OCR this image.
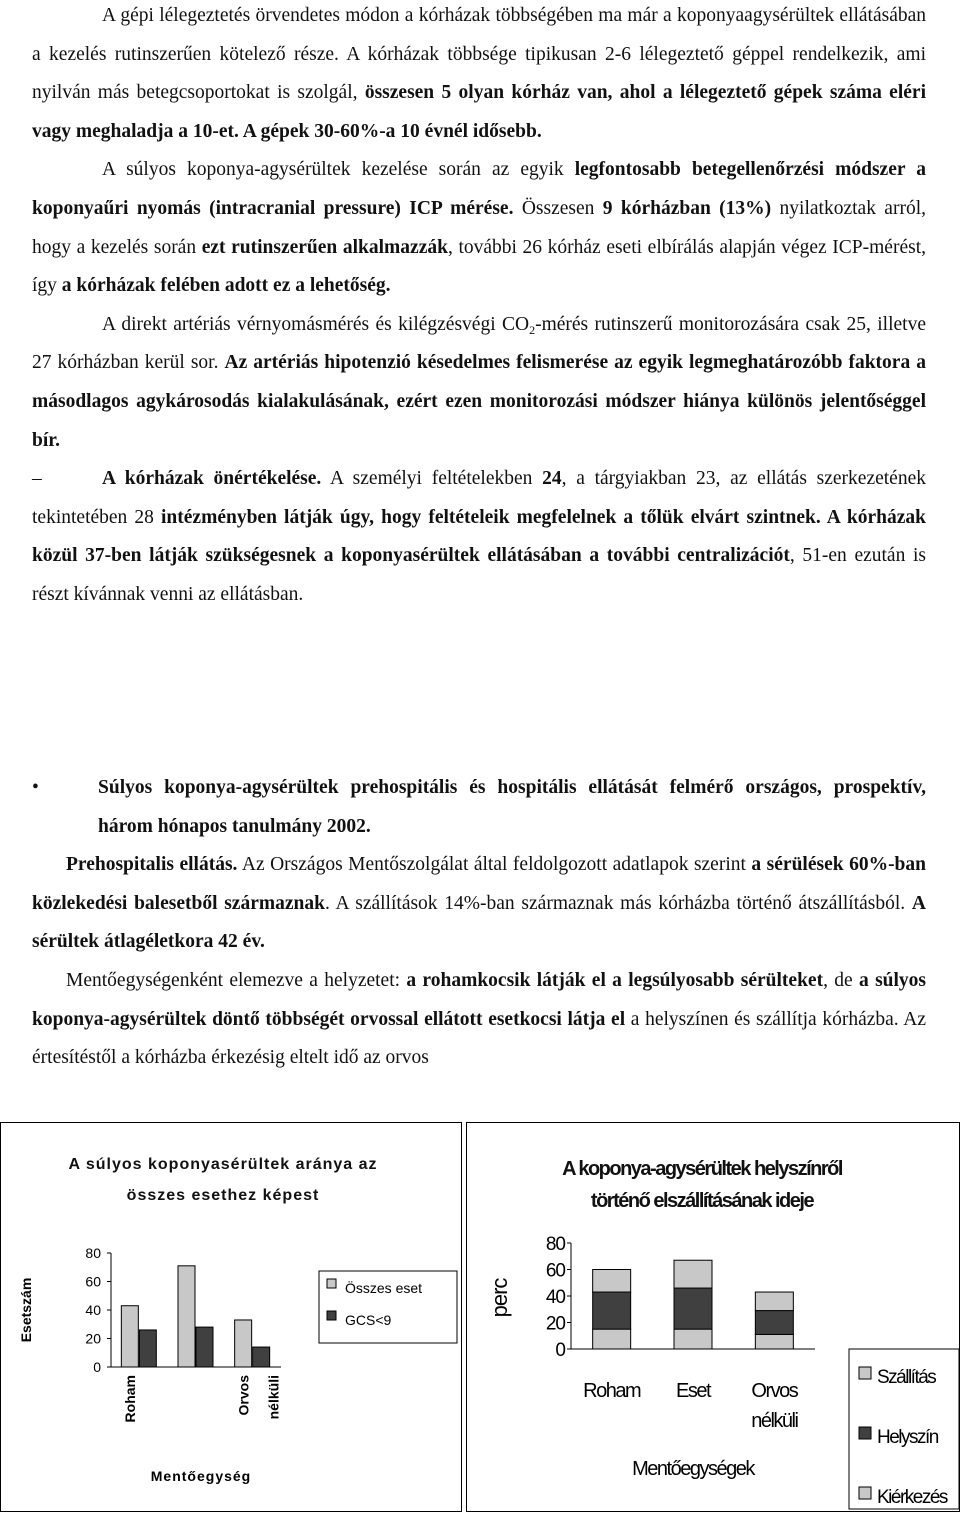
A gépi lélegeztetés örvendetes módon a kórházak többségében ma már a koponyaagysérültek ellátásában a kezelés rutinszerűen kötelező része. A kórházak többsége tipikusan 2-6 lélegeztető géppel rendelkezik, ami nyilván más betegcsoportokat is szolgál, összesen 5 olyan kórház van, ahol a lélegeztető gépek száma eléri vagy meghaladja a 10-et. A gépek 30-60%-a 10 évnél idősebb.

A súlyos koponya-agysérültek kezelése során az egyik legfontosabb betegellenőrzési módszer a koponyaűri nyomás (intracranial pressure) ICP mérése. Összesen 9 kórházban (13%) nyilatkoztak arról, hogy a kezelés során ezt rutinszerűen alkalmazzák, további 26 kórház eseti elbírálás alapján végez ICP-mérést, így a kórházak felében adott ez a lehetőség.

A direkt artériás vérnyomásmérés és kilégzésvégi $CO_2$-mérés rutinszerű monitorozására csak 25, illetve 27 kórházban kerül sor. Az artériás hipotenzió késedelmes felismerése az egyik legmeghatározóbb faktora a másodlagos agykárosodás kialakulásának, ezért ezen monitorozási módszer hiánya különös jelentőséggel bír.

–	A kórházak önértékelése. A személyi feltételekben 24, a tárgyiakban 23, az ellátás szerkezetének tekintetében 28 intézményben látják úgy, hogy feltételeik megfelelnek a tőlük elvárt szintnek. A kórházak közül 37-ben látják szükségesnek a koponyasérültek ellátásában a további centralizációt, 51-en ezután is részt kívánnak venni az ellátásban.

•	Súlyos koponya-agysérültek prehospitális és hospitális ellátását felmérő országos, prospektív, három hónapos tanulmány 2002.

Prehospitalis ellátás. Az Országos Mentőszolgálat által feldolgozott adatlapok szerint a sérülések 60%-ban közlekedési balesetből származnak. A szállítások 14%-ban származnak más kórházba történő átszállításból. A sérültek átlagéletkora 42 év.

Mentőegységenként elemezve a helyzetet: a rohamkocsik látják el a legsúlyosabb sérülteket, de a súlyos koponya-agysérültek döntő többségét orvossal ellátott esetkocsi látja el a helyszínen és szállítja kórházba. Az értesítéstől a kórházba érkezésig eltelt idő az orvos

A súlyos koponyasérültek aránya az
összes esethez képest
0
20
40
60
80
Roham	Orvos nélküli
Esetszám
Mentőegység
Összes eset
GCS<9
A koponya-agysérültek helyszínről
történő elszállításának ideje
0
20
40
60
80
Roham Eset Orvos
nélküli
perc
Mentőegységek
Szállítás
Helyszín
Kiérkezés
